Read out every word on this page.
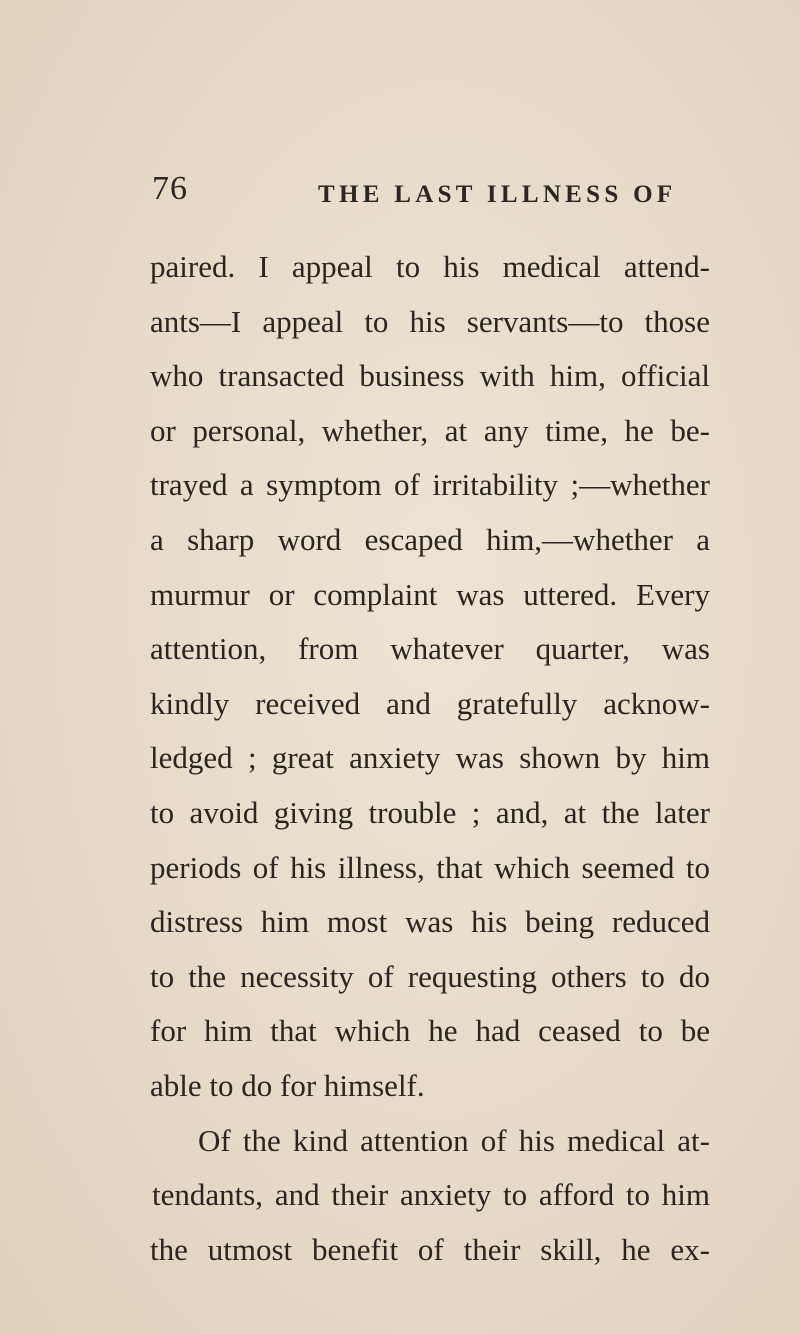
76	THE LAST ILLNESS OF
paired. I appeal to his medical attend-
ants—I appeal to his servants—to those
who transacted business with him, official
or personal, whether, at any time, he be-
trayed a symptom of irritability ;—whether
a sharp word escaped him,—whether a
murmur or complaint was uttered. Every
attention, from whatever quarter, was
kindly received and gratefully acknow-
ledged ; great anxiety was shown by him
to avoid giving trouble ; and, at the later
periods of his illness, that which seemed to
distress him most was his being reduced
to the necessity of requesting others to do
for him that which he had ceased to be
able to do for himself.
Of the kind attention of his medical at-
tendants, and their anxiety to afford to him
the utmost benefit of their skill, he ex-
